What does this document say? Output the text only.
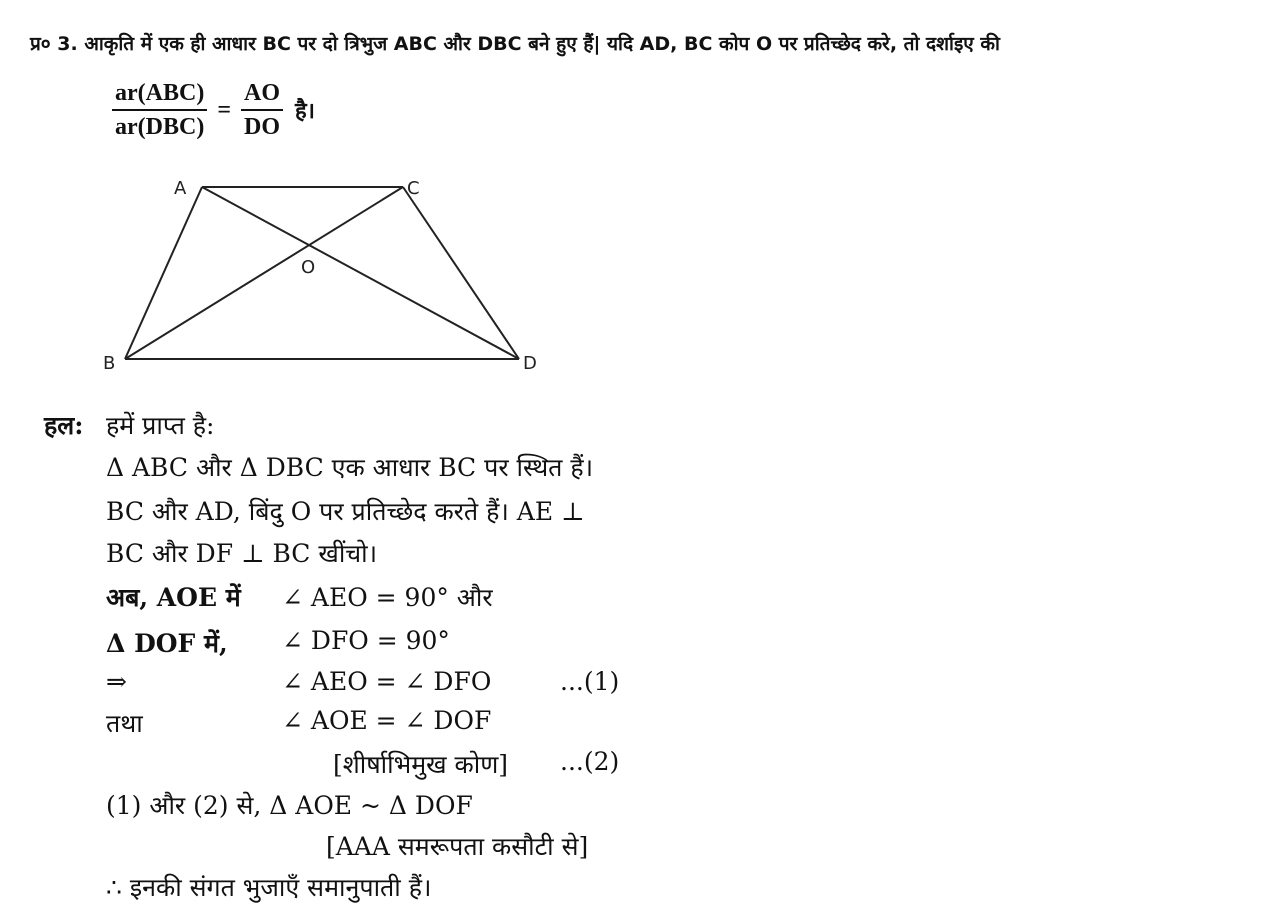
प्र० 3. आकृति में एक ही आधार BC पर दो त्रिभुज ABC और DBC बने हुए हैं| यदि AD, BC कोप O पर प्रतिच्छेद करे, तो दर्शाइए की
$\frac{\text{ar(ABC)}}{\text{ar(DBC)}} = \frac{AO}{DO}$ है।
A	C
O
B	D
हल: हमें प्राप्त है:
Δ ABC और Δ DBC एक आधार BC पर स्थित हैं।
BC और AD, बिंदु O पर प्रतिच्छेद करते हैं। AE ⊥
BC और DF ⊥ BC खींचो।
अब, AOE में ∠ AEO = 90° और
Δ DOF में, ∠ DFO = 90°
⇒	∠ AEO = ∠ DFO	...(1)
तथा	∠ AOE = ∠ DOF
[शीर्षाभिमुख कोण] ...(2)
(1) और (2) से, Δ AOE ~ Δ DOF
[AAA समरूपता कसौटी से]
∴ इनकी संगत भुजाएँ समानुपाती हैं।
